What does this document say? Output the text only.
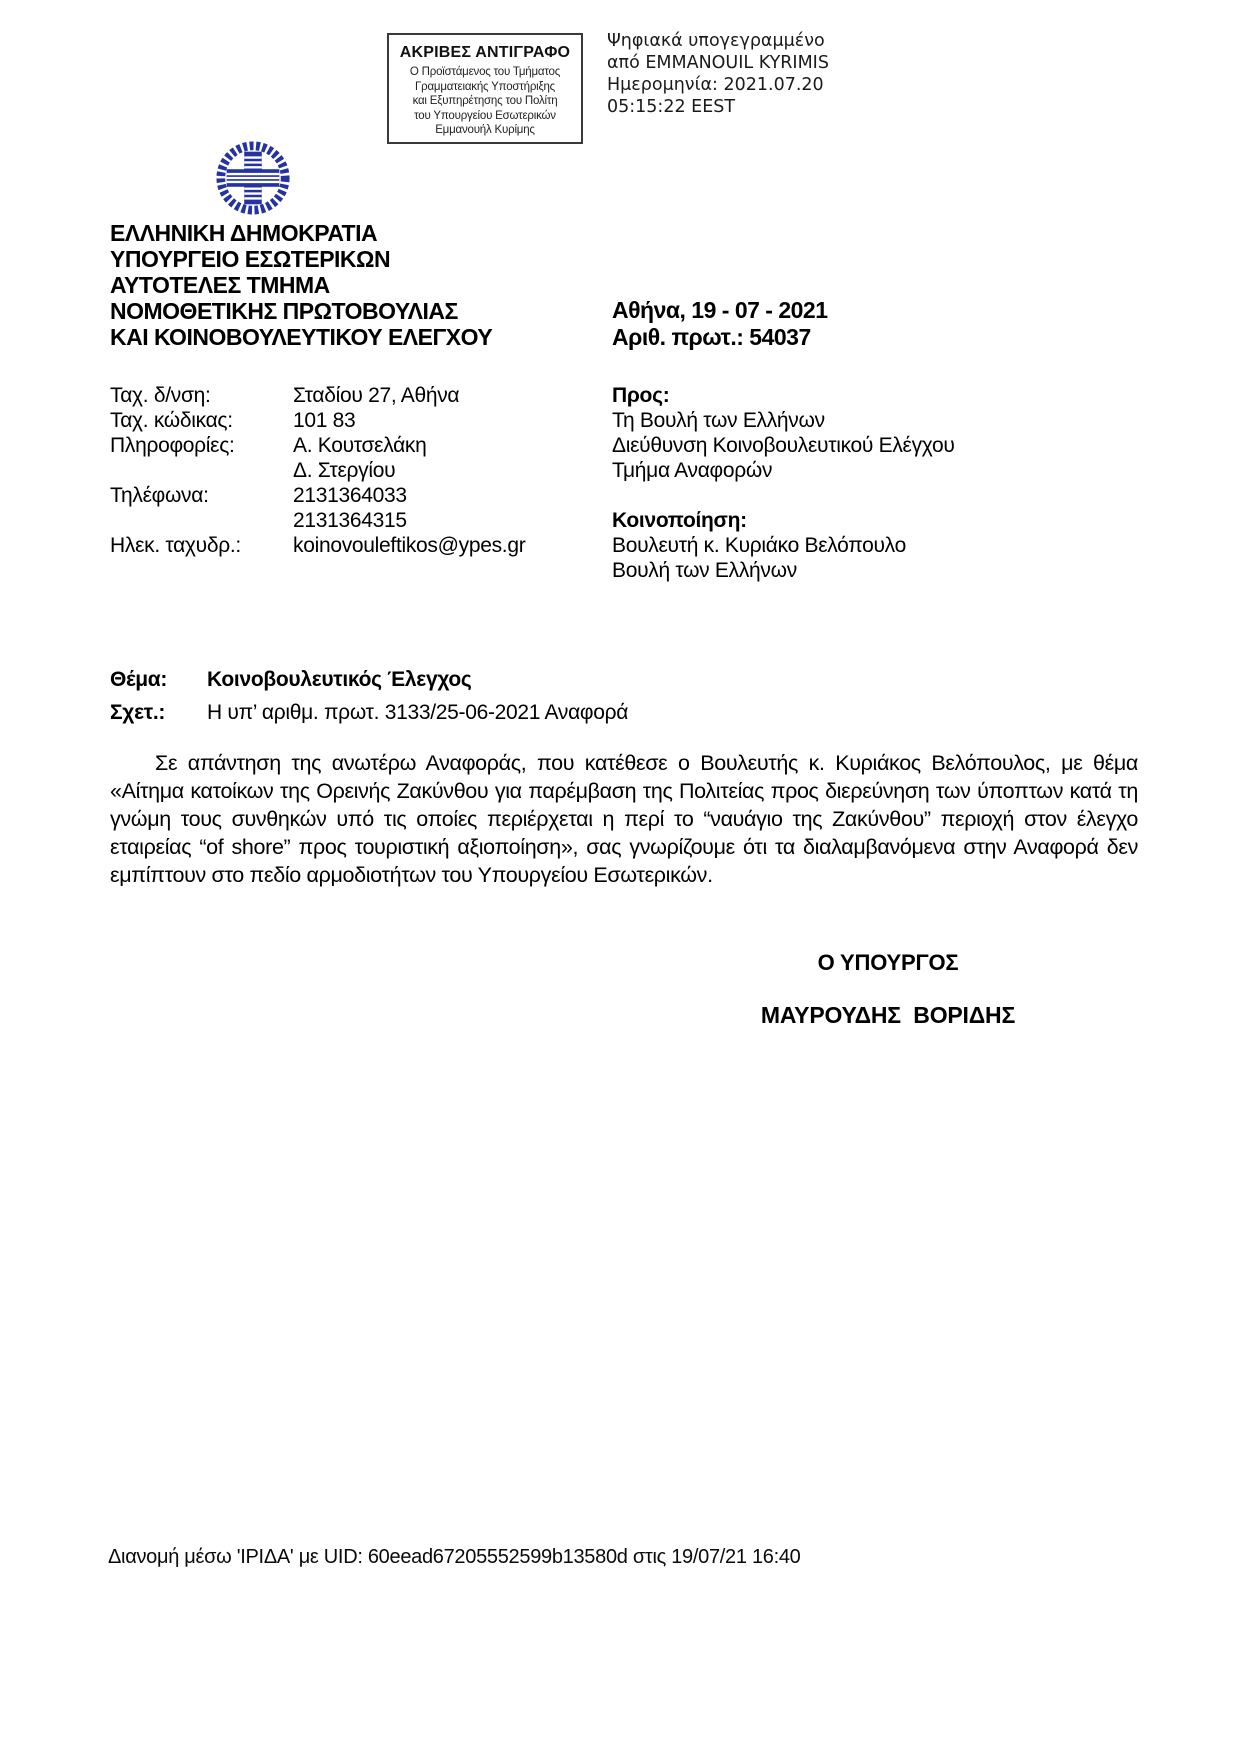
ΑΚΡΙΒΕΣ ΑΝΤΙΓΡΑΦΟ
Ο Προϊστάμενος του Τμήματος
Γραμματειακής Υποστήριξης
και Εξυπηρέτησης του Πολίτη
του Υπουργείου Εσωτερικών
Εμμανουήλ Κυρίμης
Ψηφιακά υπογεγραμμένο
από EMMANOUIL KYRIMIS
Ημερομηνία: 2021.07.20
05:15:22 EEST
ΕΛΛΗΝΙΚΗ ΔΗΜΟΚΡΑΤΙΑ
ΥΠΟΥΡΓΕΙΟ ΕΣΩΤΕΡΙΚΩΝ
ΑΥΤΟΤΕΛΕΣ ΤΜΗΜΑ
ΝΟΜΟΘΕΤΙΚΗΣ ΠΡΩΤΟΒΟΥΛΙΑΣ
ΚΑΙ ΚΟΙΝΟΒΟΥΛΕΥΤΙΚΟΥ ΕΛΕΓΧΟΥ
Αθήνα, 19 - 07 - 2021
Αριθ. πρωτ.: 54037
Ταχ. δ/νση:	Σταδίου 27, Αθήνα
Ταχ. κώδικας:	101 83
Πληροφορίες:	Α. Κουτσελάκη
Δ. Στεργίου
Τηλέφωνα:	2131364033
2131364315
Ηλεκ. ταχυδρ.:	koinovouleftikos@ypes.gr
Προς:
Τη Βουλή των Ελλήνων
Διεύθυνση Κοινοβουλευτικού Ελέγχου
Τμήμα Αναφορών
Κοινοποίηση:
Βουλευτή κ. Κυριάκο Βελόπουλο
Βουλή των Ελλήνων
Θέμα:	Κοινοβουλευτικός Έλεγχος
Σχετ.:	Η υπ’ αριθμ. πρωτ. 3133/25-06-2021 Αναφορά
Σε απάντηση της ανωτέρω Αναφοράς, που κατέθεσε ο Βουλευτής κ. Κυριάκος Βελόπουλος, με θέμα «Αίτημα κατοίκων της Ορεινής Ζακύνθου για παρέμβαση της Πολιτείας προς διερεύνηση των ύποπτων κατά τη γνώμη τους συνθηκών υπό τις οποίες περιέρχεται η περί το “ναυάγιο της Ζακύνθου” περιοχή στον έλεγχο εταιρείας “of shore” προς τουριστική αξιοποίηση», σας γνωρίζουμε ότι τα διαλαμβανόμενα στην Αναφορά δεν εμπίπτουν στο πεδίο αρμοδιοτήτων του Υπουργείου Εσωτερικών.
Ο ΥΠΟΥΡΓΟΣ
ΜΑΥΡΟΥΔΗΣ  ΒΟΡΙΔΗΣ
Διανομή μέσω 'ΙΡΙΔΑ' με UID: 60eead67205552599b13580d στις 19/07/21 16:40
